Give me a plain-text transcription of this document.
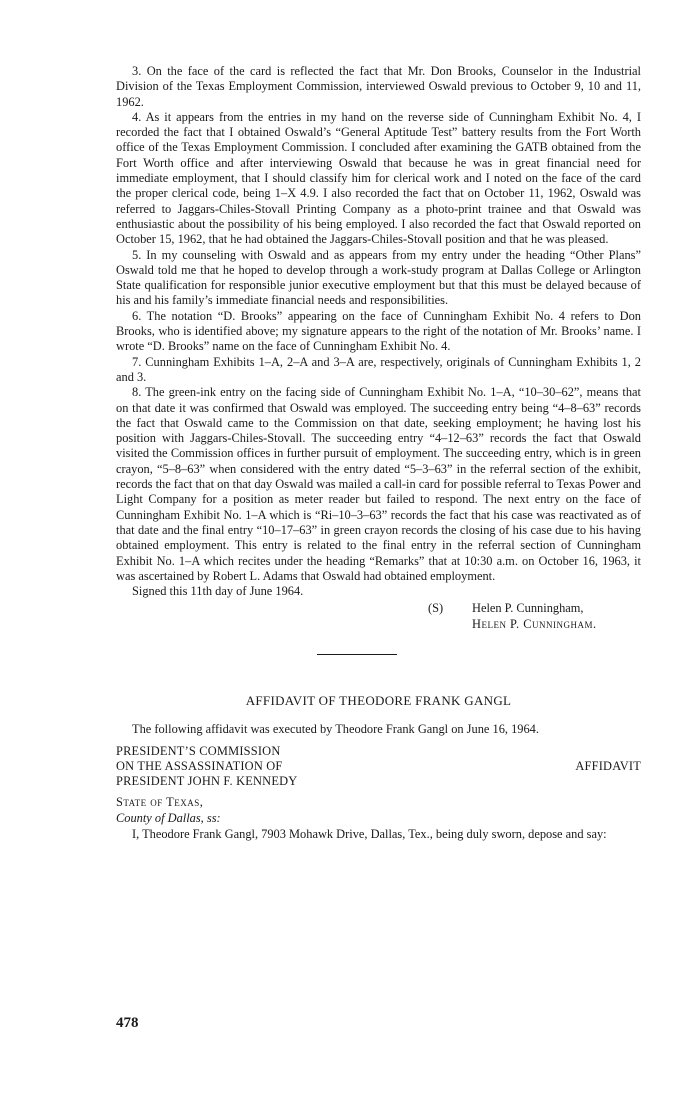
3. On the face of the card is reflected the fact that Mr. Don Brooks, Counselor in the Industrial Division of the Texas Employment Commission, interviewed Oswald previous to October 9, 10 and 11, 1962.

4. As it appears from the entries in my hand on the reverse side of Cunningham Exhibit No. 4, I recorded the fact that I obtained Oswald’s “General Aptitude Test” battery results from the Fort Worth office of the Texas Employment Commission. I concluded after examining the GATB obtained from the Fort Worth office and after interviewing Oswald that because he was in great financial need for immediate employment, that I should classify him for clerical work and I noted on the face of the card the proper clerical code, being 1–X 4.9. I also recorded the fact that on October 11, 1962, Oswald was referred to Jaggars-Chiles-Stovall Printing Company as a photo-print trainee and that Oswald was enthusiastic about the possibility of his being employed. I also recorded the fact that Oswald reported on October 15, 1962, that he had obtained the Jaggars-Chiles-Stovall position and that he was pleased.

5. In my counseling with Oswald and as appears from my entry under the heading “Other Plans” Oswald told me that he hoped to develop through a work-study program at Dallas College or Arlington State qualification for responsible junior executive employment but that this must be delayed because of his and his family’s immediate financial needs and responsibilities.

6. The notation “D. Brooks” appearing on the face of Cunningham Exhibit No. 4 refers to Don Brooks, who is identified above; my signature appears to the right of the notation of Mr. Brooks’ name. I wrote “D. Brooks” name on the face of Cunningham Exhibit No. 4.

7. Cunningham Exhibits 1–A, 2–A and 3–A are, respectively, originals of Cunningham Exhibits 1, 2 and 3.

8. The green-ink entry on the facing side of Cunningham Exhibit No. 1–A, “10–30–62”, means that on that date it was confirmed that Oswald was employed. The succeeding entry being “4–8–63” records the fact that Oswald came to the Commission on that date, seeking employment; he having lost his position with Jaggars-Chiles-Stovall. The succeeding entry “4–12–63” records the fact that Oswald visited the Commission offices in further pursuit of employment. The succeeding entry, which is in green crayon, “5–8–63” when considered with the entry dated “5–3–63” in the referral section of the exhibit, records the fact that on that day Oswald was mailed a call-in card for possible referral to Texas Power and Light Company for a position as meter reader but failed to respond. The next entry on the face of Cunningham Exhibit No. 1–A which is “Ri–10–3–63” records the fact that his case was reactivated as of that date and the final entry “10–17–63” in green crayon records the closing of his case due to his having obtained employment. This entry is related to the final entry in the referral section of Cunningham Exhibit No. 1–A which recites under the heading “Remarks” that at 10:30 a.m. on October 16, 1963, it was ascertained by Robert L. Adams that Oswald had obtained employment.

Signed this 11th day of June 1964.

(S) Helen P. Cunningham,

Helen P. Cunningham.

AFFIDAVIT OF THEODORE FRANK GANGL

The following affidavit was executed by Theodore Frank Gangl on June 16, 1964.

PRESIDENT’S COMMISSION

ON THE ASSASSINATION OF

PRESIDENT JOHN F. KENNEDY

AFFIDAVIT

State of Texas,

County of Dallas, ss:

I, Theodore Frank Gangl, 7903 Mohawk Drive, Dallas, Tex., being duly sworn, depose and say:

478
